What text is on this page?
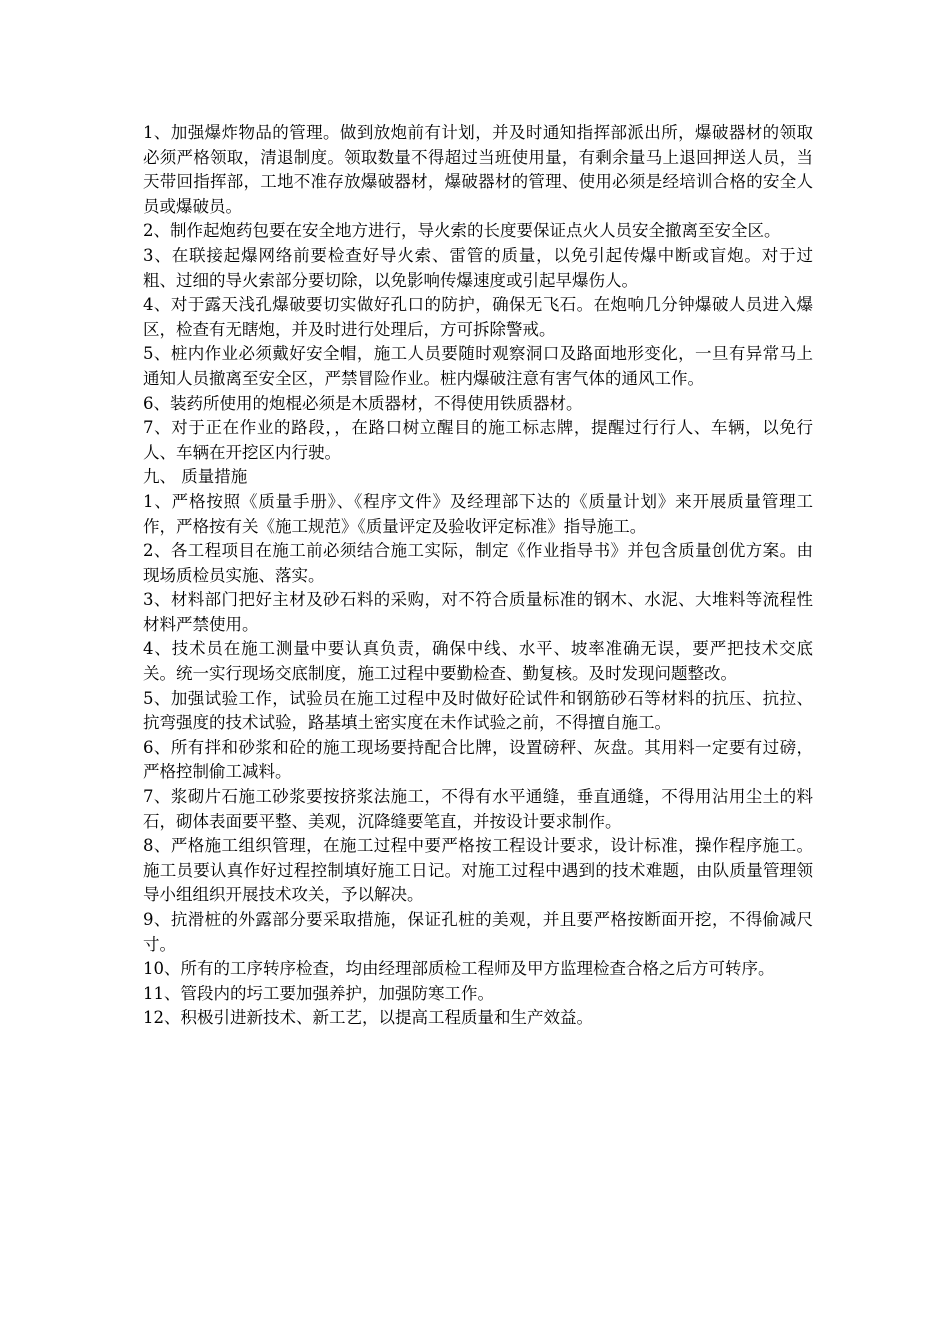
1、加强爆炸物品的管理。做到放炮前有计划，并及时通知指挥部派出所，爆破器材的领取必须严格领取，清退制度。领取数量不得超过当班使用量，有剩余量马上退回押送人员，当天带回指挥部，工地不准存放爆破器材，爆破器材的管理、使用必须是经培训合格的安全人员或爆破员。

2、制作起炮药包要在安全地方进行，导火索的长度要保证点火人员安全撤离至安全区。

3、在联接起爆网络前要检查好导火索、雷管的质量，以免引起传爆中断或盲炮。对于过粗、过细的导火索部分要切除，以免影响传爆速度或引起早爆伤人。

4、对于露天浅孔爆破要切实做好孔口的防护，确保无飞石。在炮响几分钟爆破人员进入爆区，检查有无瞎炮，并及时进行处理后，方可拆除警戒。

5、桩内作业必须戴好安全帽，施工人员要随时观察洞口及路面地形变化，一旦有异常马上通知人员撤离至安全区，严禁冒险作业。桩内爆破注意有害气体的通风工作。

6、装药所使用的炮棍必须是木质器材，不得使用铁质器材。

7、对于正在作业的路段，，在路口树立醒目的施工标志牌，提醒过行行人、车辆，以免行人、车辆在开挖区内行驶。

九、 质量措施

1、严格按照《质量手册》、《程序文件》及经理部下达的《质量计划》来开展质量管理工作，严格按有关《施工规范》《质量评定及验收评定标准》指导施工。

2、各工程项目在施工前必须结合施工实际，制定《作业指导书》并包含质量创优方案。由现场质检员实施、落实。

3、材料部门把好主材及砂石料的采购，对不符合质量标准的钢木、水泥、大堆料等流程性材料严禁使用。

4、技术员在施工测量中要认真负责，确保中线、水平、坡率准确无误，要严把技术交底关。统一实行现场交底制度，施工过程中要勤检查、勤复核。及时发现问题整改。

5、加强试验工作，试验员在施工过程中及时做好砼试件和钢筋砂石等材料的抗压、抗拉、抗弯强度的技术试验，路基填土密实度在未作试验之前，不得擅自施工。

6、所有拌和砂浆和砼的施工现场要持配合比牌，设置磅秤、灰盘。其用料一定要有过磅，严格控制偷工减料。

7、浆砌片石施工砂浆要按挤浆法施工，不得有水平通缝，垂直通缝，不得用沾用尘土的料石，砌体表面要平整、美观，沉降缝要笔直，并按设计要求制作。

8、严格施工组织管理，在施工过程中要严格按工程设计要求，设计标准，操作程序施工。施工员要认真作好过程控制填好施工日记。对施工过程中遇到的技术难题，由队质量管理领导小组组织开展技术攻关，予以解决。

9、抗滑桩的外露部分要采取措施，保证孔桩的美观，并且要严格按断面开挖，不得偷减尺寸。

10、所有的工序转序检查，均由经理部质检工程师及甲方监理检查合格之后方可转序。

11、管段内的圬工要加强养护，加强防寒工作。

12、积极引进新技术、新工艺，以提高工程质量和生产效益。
